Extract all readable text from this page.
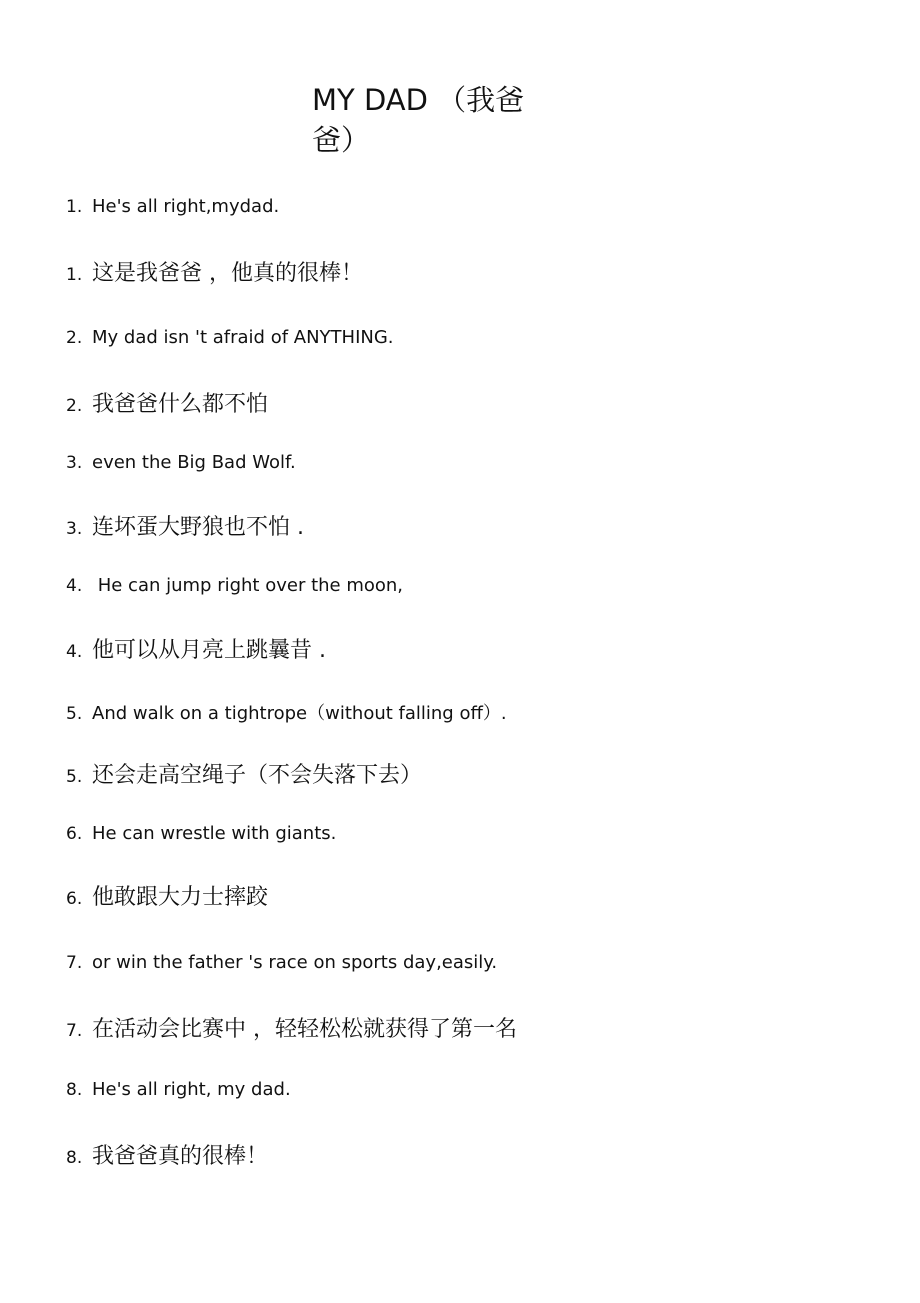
MY DAD （我爸爸）
1. He's all right,mydad.
1. 这是我爸爸 ，他真的很棒！
2. My dad isn 't afraid of ANYTHING.
2. 我爸爸什么都不怕
3. even the Big Bad Wolf.
3. 连坏蛋大野狼也不怕 .
4. He can jump right over the moon,
4. 他可以从月亮上跳曩昔 .
5. And walk on a tightrope（without falling off）.
5. 还会走高空绳子（不会失落下去）
6. He can wrestle with giants.
6. 他敢跟大力士摔跤
7. or win the father 's race on sports day,easily.
7. 在活动会比赛中 ，轻轻松松就获得了第一名
8. He's all right, my dad.
8. 我爸爸真的很棒！
